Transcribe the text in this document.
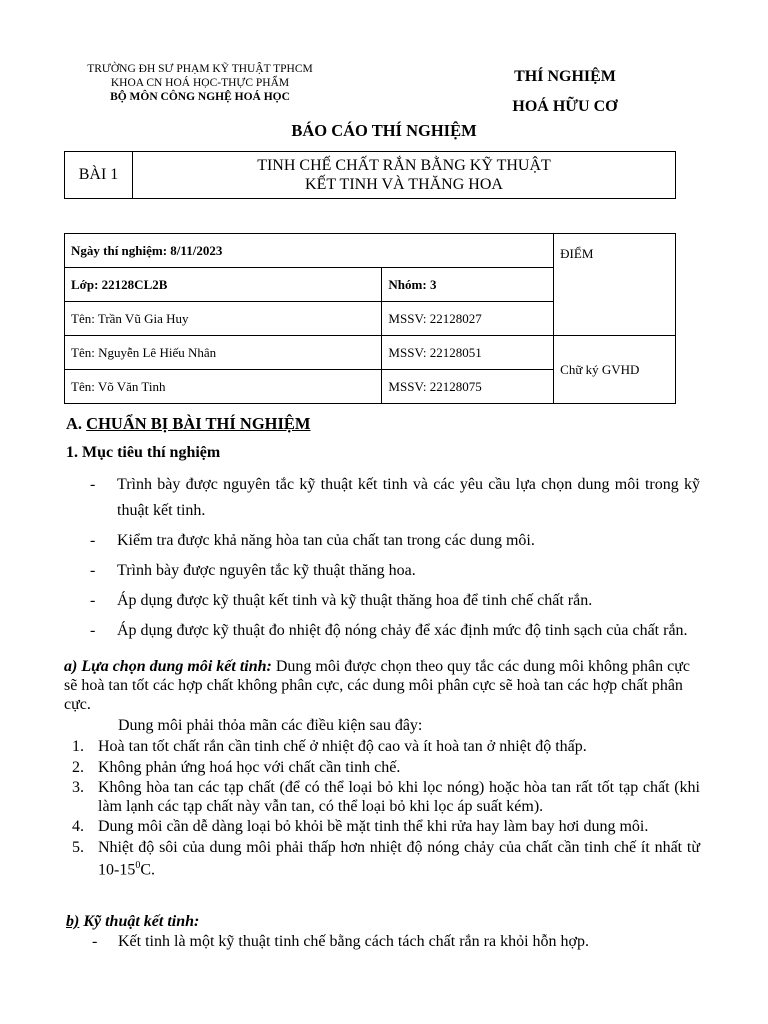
TRƯỜNG ĐH SƯ PHẠM KỸ THUẬT TPHCM
KHOA CN HOÁ HỌC-THỰC PHẨM
BỘ MÔN CÔNG NGHỆ HOÁ HỌC
THÍ NGHIỆM
HOÁ HỮU CƠ
BÁO CÁO THÍ NGHIỆM
BÀI 1
TINH CHẾ CHẤT RẮN BẰNG KỸ THUẬT
KẾT TINH VÀ THĂNG HOA
Ngày thí nghiệm: 8/11/2023		ĐIỂM
Lớp: 22128CL2B	Nhóm: 3	
Tên: Trần Vũ Gia Huy	MSSV: 22128027	
Tên: Nguyễn Lê Hiếu Nhân	MSSV: 22128051	Chữ ký GVHD
Tên: Võ Văn Tinh	MSSV: 22128075	
A. CHUẨN BỊ BÀI THÍ NGHIỆM
1. Mục tiêu thí nghiệm
-	Trình bày được nguyên tắc kỹ thuật kết tinh và các yêu cầu lựa chọn dung môi trong kỹ thuật kết tinh.
-	Kiểm tra được khả năng hòa tan của chất tan trong các dung môi.
-	Trình bày được nguyên tắc kỹ thuật thăng hoa.
-	Áp dụng được kỹ thuật kết tinh và kỹ thuật thăng hoa để tinh chế chất rắn.
-	Áp dụng được kỹ thuật đo nhiệt độ nóng chảy để xác định mức độ tinh sạch của chất rắn.
a) Lựa chọn dung môi kết tinh: Dung môi được chọn theo quy tắc các dung môi không phân cực sẽ hoà tan tốt các hợp chất không phân cực, các dung môi phân cực sẽ hoà tan các hợp chất phân cực.
Dung môi phải thỏa mãn các điều kiện sau đây:
1. Hoà tan tốt chất rắn cần tinh chế ở nhiệt độ cao và ít hoà tan ở nhiệt độ thấp.
2. Không phản ứng hoá học với chất cần tinh chế.
3. Không hòa tan các tạp chất (để có thể loại bỏ khi lọc nóng) hoặc hòa tan rất tốt tạp chất (khi làm lạnh các tạp chất này vẫn tan, có thể loại bỏ khi lọc áp suất kém).
4. Dung môi cần dễ dàng loại bỏ khỏi bề mặt tinh thể khi rửa hay làm bay hơi dung môi.
5. Nhiệt độ sôi của dung môi phải thấp hơn nhiệt độ nóng chảy của chất cần tinh chế ít nhất từ $10-15^0C$.
b) Kỹ thuật kết tinh:
-	Kết tinh là một kỹ thuật tinh chế bằng cách tách chất rắn ra khỏi hỗn hợp.
